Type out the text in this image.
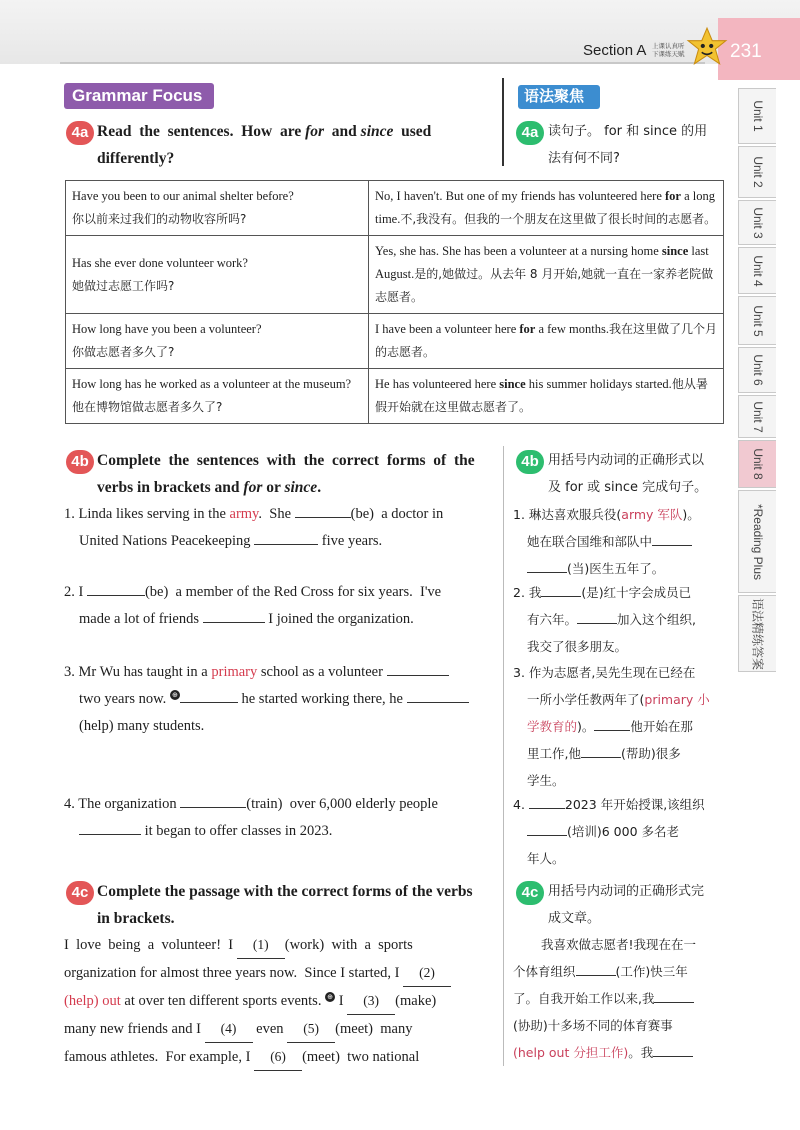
Section A 上课认真听
下课练天赋	231
Grammar Focus	语法聚焦
4a Read  the  sentences.  How  are for  and since  used
differently?
4a 读句子。 for 和 since 的用
法有何不同?
Have you been to our animal shelter before?
你以前来过我们的动物收容所吗?	No, I haven't. But one of my friends has volunteered here for a long time.不,我没有。但我的一个朋友在这里做了很长时间的志愿者。

Has she ever done volunteer work?
她做过志愿工作吗?	Yes, she has. She has been a volunteer at a nursing home since last August.是的,她做过。从去年 8 月开始,她就一直在一家养老院做志愿者。

How long have you been a volunteer?
你做志愿者多久了?	I have been a volunteer here for a few months.我在这里做了几个月的志愿者。

How long has he worked as a volunteer at the museum?
他在博物馆做志愿者多久了?	He has volunteered here since his summer holidays started.他从暑假开始就在这里做志愿者了。
4b Complete  the  sentences  with  the  correct  forms  of  the
verbs in brackets and for or since.
4b 用括号内动词的正确形式以
及 for 或 since 完成句子。
1. Linda likes serving in the army.  She	(be)  a doctor in
United Nations Peacekeeping	five years.
2. I	(be)  a member of the Red Cross for six years.  I've
made a lot of friends	I joined the organization.
3. Mr Wu has taught in a primary school as a volunteer
two years now. ⊕	he started working there, he
(help) many students.
4. The organization	(train)  over 6,000 elderly people
it began to offer classes in 2023.
1. 琳达喜欢服兵役(army 军队)。
她在联合国维和部队中
(当)医生五年了。
2. 我	(是)红十字会成员已
有六年。	加入这个组织,
我交了很多朋友。
3. 作为志愿者,吴先生现在已经在
一所小学任教两年了(primary 小
学教育的)。	他开始在那
里工作,他	(帮助)很多
学生。
4.	2023 年开始授课,该组织
(培训)6 000 多名老
年人。
4c Complete the passage with the correct forms of the verbs
in brackets.
4c 用括号内动词的正确形式完
成文章。
I  love  being  a  volunteer!  I (1) (work)  with  a  sports
organization for almost three years now.  Since I started, I (2)
(help) out at over ten different sports events. ⊕ I (3) (make)
many new friends and I (4) even (5) (meet)  many
famous athletes.  For example, I (6) (meet)  two national
我喜欢做志愿者!我现在在一
个体育组织	(工作)快三年
了。自我开始工作以来,我
(协助)十多场不同的体育赛事
(help out 分担工作)。我
Unit 1
Unit 2
Unit 3
Unit 4
Unit 5
Unit 6
Unit 7
Unit 8
*Reading Plus
语法精练答案
